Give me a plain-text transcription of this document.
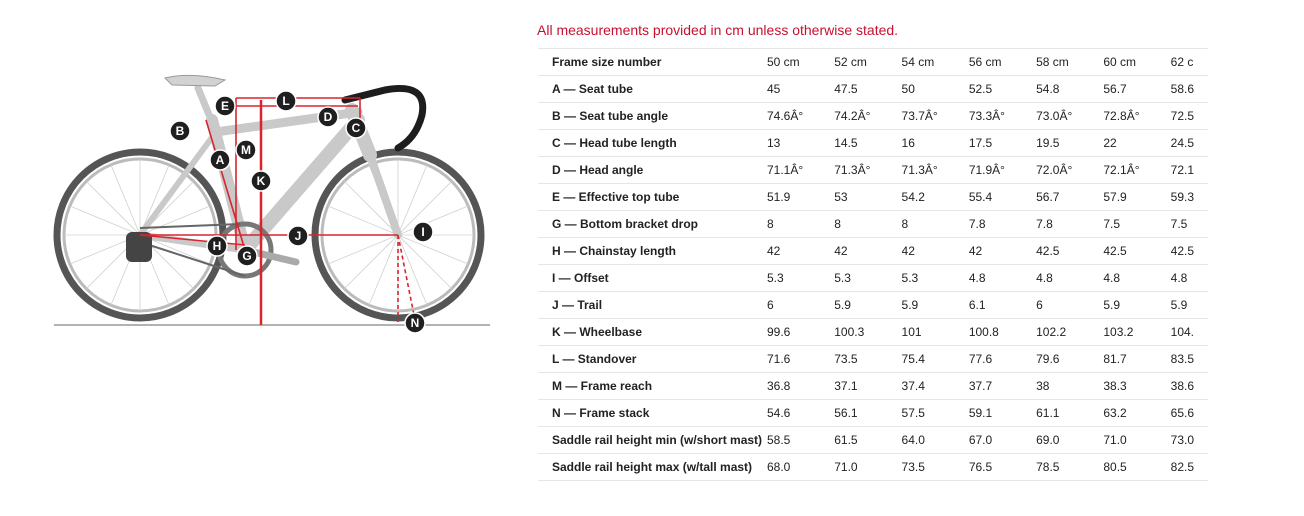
All measurements provided in cm unless otherwise stated.
E	L
D
C
B
M
A
K
J	I
H
G
N
Frame size number	50 cm	52 cm	54 cm	56 cm	58 cm	60 cm	62 c
A — Seat tube	45	47.5	50	52.5	54.8	56.7	58.6
B — Seat tube angle	74.6Â°	74.2Â°	73.7Â°	73.3Â°	73.0Â°	72.8Â°	72.5
C — Head tube length	13	14.5	16	17.5	19.5	22	24.5
D — Head angle	71.1Â°	71.3Â°	71.3Â°	71.9Â°	72.0Â°	72.1Â°	72.1
E — Effective top tube	51.9	53	54.2	55.4	56.7	57.9	59.3
G — Bottom bracket drop	8	8	8	7.8	7.8	7.5	7.5
H — Chainstay length	42	42	42	42	42.5	42.5	42.5
I — Offset	5.3	5.3	5.3	4.8	4.8	4.8	4.8
J — Trail	6	5.9	5.9	6.1	6	5.9	5.9
K — Wheelbase	99.6	100.3	101	100.8	102.2	103.2	104.
L — Standover	71.6	73.5	75.4	77.6	79.6	81.7	83.5
M — Frame reach	36.8	37.1	37.4	37.7	38	38.3	38.6
N — Frame stack	54.6	56.1	57.5	59.1	61.1	63.2	65.6
Saddle rail height min (w/short mast)	58.5	61.5	64.0	67.0	69.0	71.0	73.0
Saddle rail height max (w/tall mast)	68.0	71.0	73.5	76.5	78.5	80.5	82.5
